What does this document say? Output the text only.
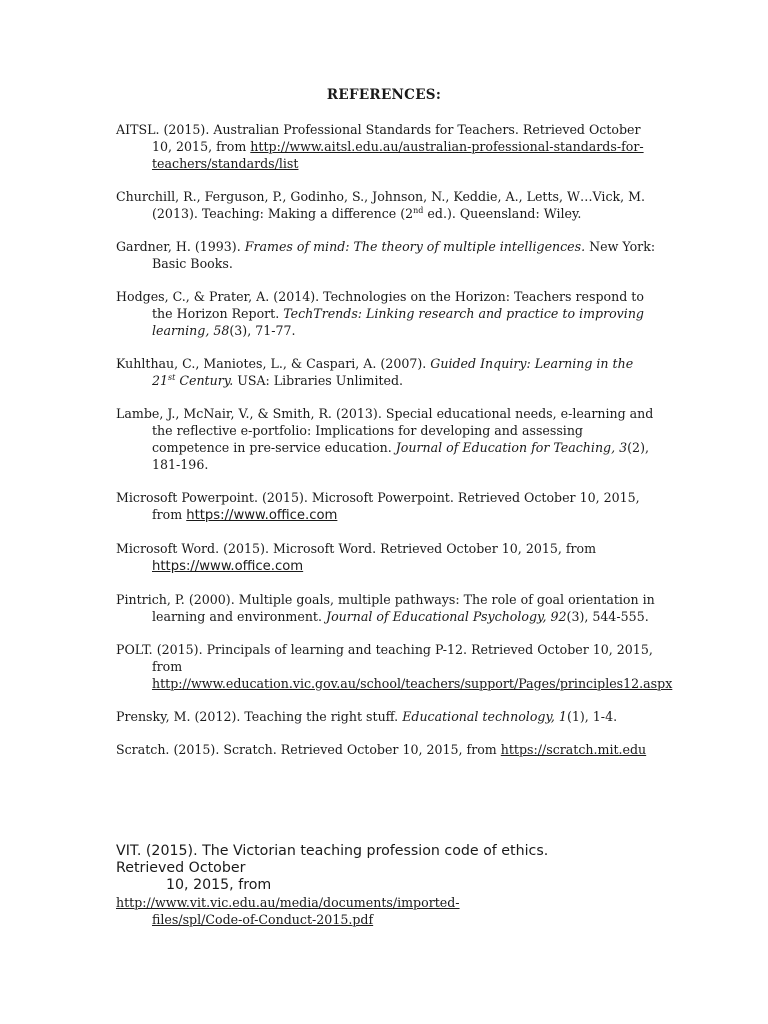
REFERENCES:

AITSL. (2015). Australian Professional Standards for Teachers. Retrieved October 10, 2015, from http://www.aitsl.edu.au/australian-professional-standards-for-teachers/standards/list

Churchill, R., Ferguson, P., Godinho, S., Johnson, N., Keddie, A., Letts, W…Vick, M. (2013). Teaching: Making a difference (2nd ed.). Queensland: Wiley.

Gardner, H. (1993). Frames of mind: The theory of multiple intelligences. New York: Basic Books.

Hodges, C., & Prater, A. (2014). Technologies on the Horizon: Teachers respond to the Horizon Report. TechTrends: Linking research and practice to improving learning, 58(3), 71-77.

Kuhlthau, C., Maniotes, L., & Caspari, A. (2007). Guided Inquiry: Learning in the 21st Century. USA: Libraries Unlimited.

Lambe, J., McNair, V., & Smith, R. (2013). Special educational needs, e-learning and the reflective e-portfolio: Implications for developing and assessing competence in pre-service education. Journal of Education for Teaching, 3(2), 181-196.

Microsoft Powerpoint. (2015). Microsoft Powerpoint. Retrieved October 10, 2015, from https://www.office.com

Microsoft Word. (2015). Microsoft Word. Retrieved October 10, 2015, from https://www.office.com

Pintrich, P. (2000). Multiple goals, multiple pathways: The role of goal orientation in learning and environment. Journal of Educational Psychology, 92(3), 544-555.

POLT. (2015). Principals of learning and teaching P-12. Retrieved October 10, 2015, from http://www.education.vic.gov.au/school/teachers/support/Pages/principles12.aspx

Prensky, M. (2012). Teaching the right stuff. Educational technology, 1(1), 1-4.

Scratch. (2015). Scratch. Retrieved October 10, 2015, from https://scratch.mit.edu

VIT. (2015). The Victorian teaching profession code of ethics.

Retrieved October

10, 2015, from

http://www.vit.vic.edu.au/media/documents/imported-files/spl/Code-of-Conduct-2015.pdf
